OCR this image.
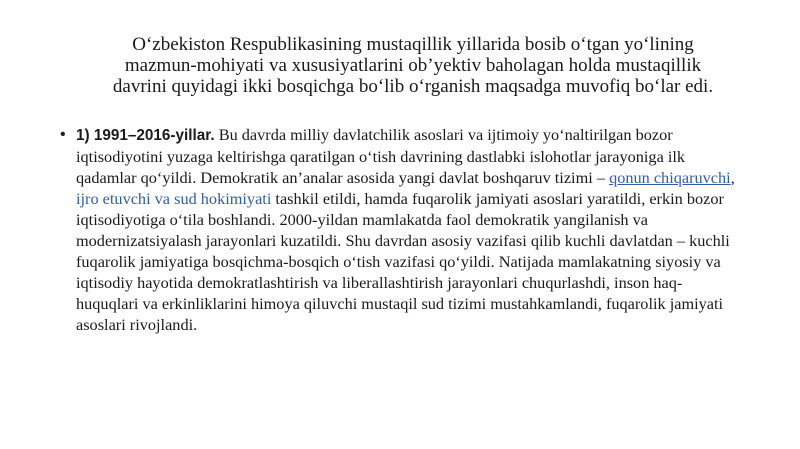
O‘zbekiston Respublikasining mustaqillik yillarida bosib o‘tgan yo‘lining mazmun-mohiyati va xususiyatlarini ob’yektiv baholagan holda mustaqillik davrini quyidagi ikki bosqichga bo‘lib o‘rganish maqsadga muvofiq bo‘lar edi.

• 1) 1991–2016-yillar. Bu davrda milliy davlatchilik asoslari va ijtimoiy yo‘naltirilgan bozor iqtisodiyotini yuzaga keltirishga qaratilgan o‘tish davrining dastlabki islohotlar jarayoniga ilk qadamlar qo‘yildi. Demokratik an’analar asosida yangi davlat boshqaruv tizimi – qonun chiqaruvchi, ijro etuvchi va sud hokimiyati tashkil etildi, hamda fuqarolik jamiyati asoslari yaratildi, erkin bozor iqtisodiyotiga o‘tila boshlandi. 2000-yildan mamlakatda faol demokratik yangilanish va modernizatsiyalash jarayonlari kuzatildi. Shu davrdan asosiy vazifasi qilib kuchli davlatdan – kuchli fuqarolik jamiyatiga bosqichma-bosqich o‘tish vazifasi qo‘yildi. Natijada mamlakatning siyosiy va iqtisodiy hayotida demokratlashtirish va liberallashtirish jarayonlari chuqurlashdi, inson haq-huquqlari va erkinliklarini himoya qiluvchi mustaqil sud tizimi mustahkamlandi, fuqarolik jamiyati asoslari rivojlandi.
